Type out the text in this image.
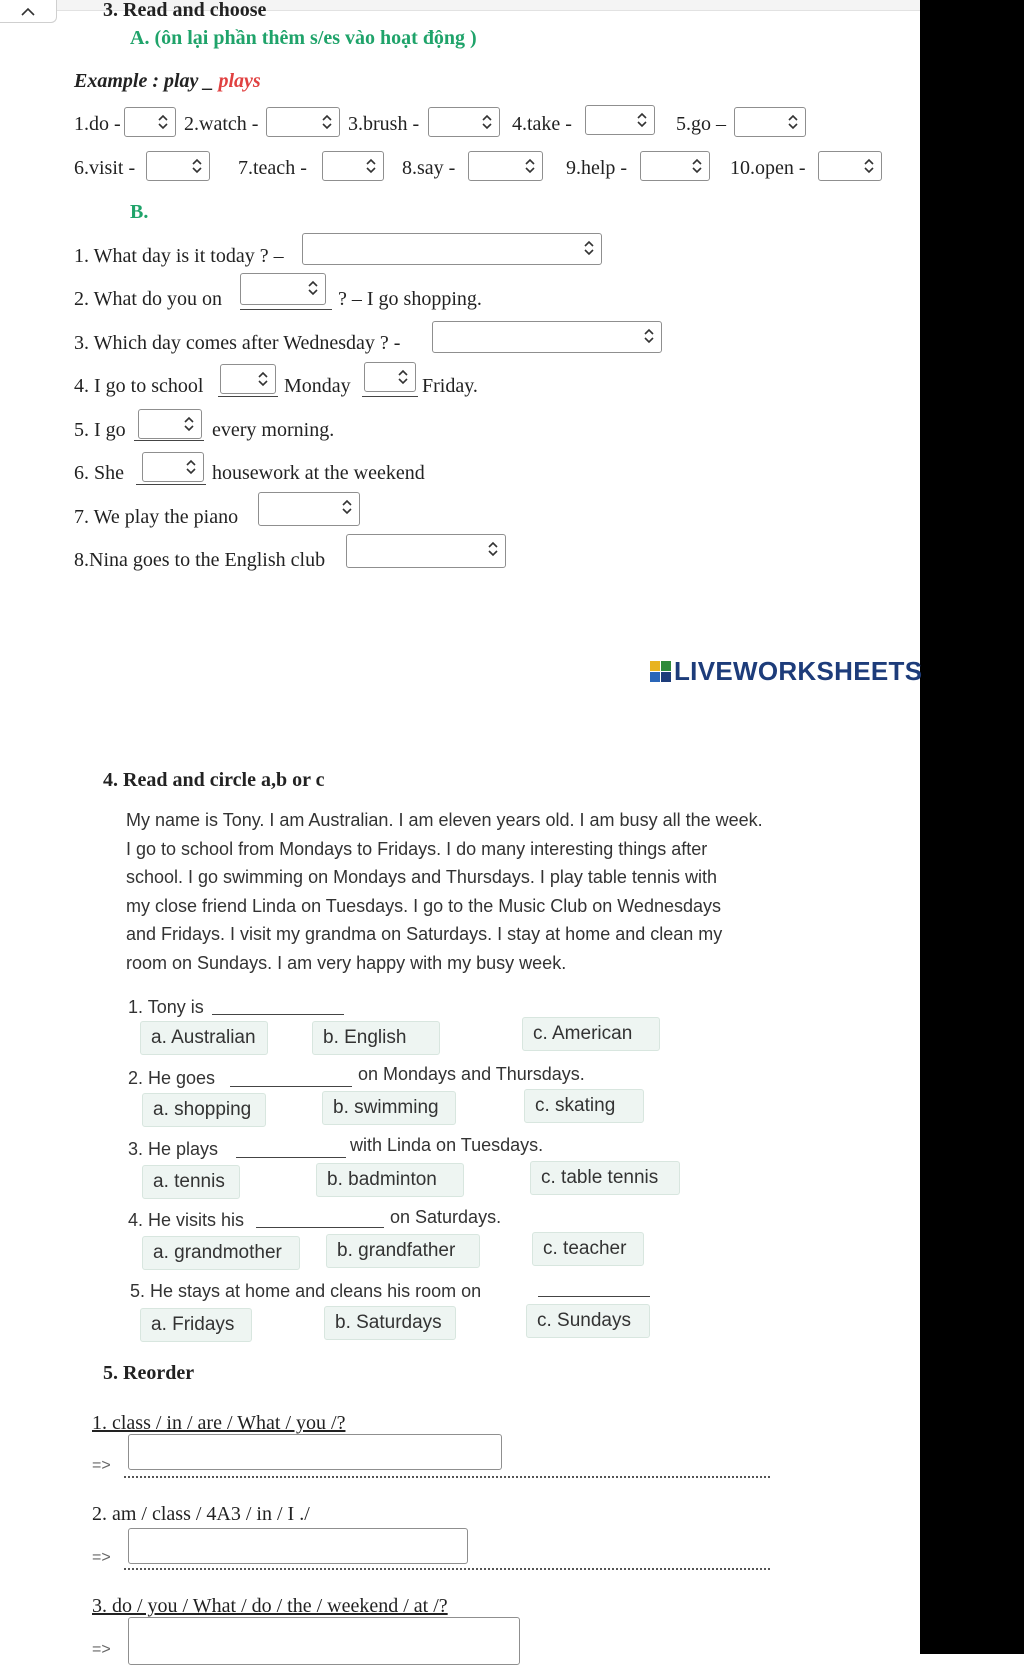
3. Read and choose
A. (ôn lại phần thêm s/es vào hoạt động )
Example : play _ plays
1.do -	2.watch -	3.brush -	4.take -	5.go –
6.visit -	7.teach -	8.say -	9.help -	10.open -
B.
1. What day is it today ? –
2. What do you on	? – I go shopping.
3. Which day comes after Wednesday ? -
4. I go to school	Monday	Friday.
5. I go	every morning.
6. She	housework at the weekend
7. We play the piano
8.Nina goes to the English club
LIVEWORKSHEETS
4. Read and circle a,b or c
My name is Tony. I am Australian. I am eleven years old. I am busy all the week.
I go to school from Mondays to Fridays. I do many interesting things after
school. I go swimming on Mondays and Thursdays. I play table tennis with
my close friend Linda on Tuesdays. I go to the Music Club on Wednesdays
and Fridays. I visit my grandma on Saturdays. I stay at home and clean my
room on Sundays. I am very happy with my busy week.
1. Tony is
a. Australian	b. English	c. American
2. He goes	on Mondays and Thursdays.
a. shopping	b. swimming	c. skating
3. He plays	with Linda on Tuesdays.
a. tennis	b. badminton	c. table tennis
4. He visits his	on Saturdays.
a. grandmother	b. grandfather	c. teacher
5. He stays at home and cleans his room on
a. Fridays	b. Saturdays	c. Sundays
5. Reorder
1. class / in / are / What / you /?
=>
2. am / class / 4A3 / in / I ./
=>
3. do / you / What / do / the / weekend / at /?
=>
